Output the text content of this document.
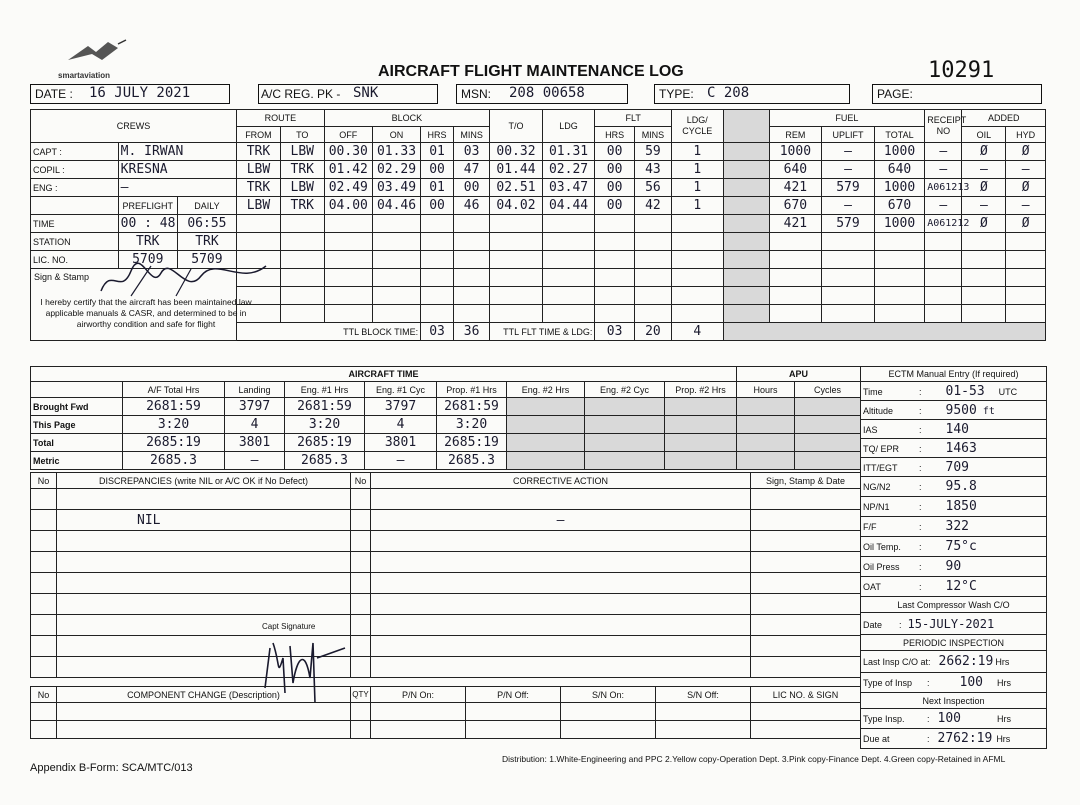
smartaviation	AIRCRAFT FLIGHT MAINTENANCE LOG	10291
DATE : 16 JULY 2021	A/C REG. PK - SNK	MSN: 208 00658	TYPE: C 208	PAGE:
CREWS			ROUTE		BLOCK				T/O	LDG	FLT		LDG/ CYCLE		FUEL			RECEIPT NO	ADDED	
			FROM	TO	OFF	ON	HRS	MINS			HRS	MINS			REM	UPLIFT	TOTAL		OIL	HYD
CAPT :	M. IRWAN		TRK	LBW	00.30	01.33	01	03	00.32	01.31	00	59	1		1000	—	1000	—	Ø	Ø
COPIL :	KRESNA		LBW	TRK	01.42	02.29	00	47	01.44	02.27	00	43	1		640	—	640	—	—	—
ENG :	—		TRK	LBW	02.49	03.49	01	00	02.51	03.47	00	56	1		421	579	1000	A061213	Ø	Ø
	PREFLIGHT	DAILY	LBW	TRK	04.00	04.46	00	46	04.02	04.44	00	42	1		670	—	670	—	—	—
TIME	00 : 48	06:55													421	579	1000	A061212	Ø	Ø
STATION	TRK	TRK																		
LIC. NO.	5709	5709																		

Sign & Stamp
I hereby certify that the aircraft has been maintained law applicable manuals & CASR, and determined to be in airworthy condition and safe for flight																				

			TTL BLOCK TIME:				03	36	TTL FLT TIME & LDG:		03	20	4							
AIRCRAFT TIME									APU	
	A/F Total Hrs	Landing	Eng. #1 Hrs	Eng. #1 Cyc	Prop. #1 Hrs	Eng. #2 Hrs	Eng. #2 Cyc	Prop. #2 Hrs	Hours	Cycles
Brought Fwd	2681:59	3797	2681:59	3797	2681:59					
This Page	3:20	4	3:20	4	3:20					
Total	2685:19	3801	2685:19	3801	2685:19					
Metric	2685.3	—	2685.3	—	2685.3					
No	DISCREPANCIES (write NIL or A/C OK if No Defect)	No	CORRECTIVE ACTION	Sign, Stamp & Date

	NIL		—	

Capt Signature
No	COMPONENT CHANGE (Description)	QTY	P/N On:	P/N Off:	S/N On:	S/N Off:	LIC NO. & SIGN

ECTM Manual Entry (If required)
Time	: 01-53 UTC
Altitude	: 9500 ft
IAS	: 140
TQ/ EPR : 1463
ITT/EGT : 709
NG/N2	: 95.8
NP/N1	: 1850
F/F	: 322
Oil Temp. : 75°c
Oil Press : 90
OAT	: 12°C
Last Compressor Wash C/O
Date : 15-JULY-2021
PERIODIC INSPECTION
Last Insp C/O at: 2662:19 Hrs
Type of Insp : 100 Hrs
Next Inspection
Type Insp. : 100	Hrs
Due at	: 2762:19 Hrs
Appendix B-Form: SCA/MTC/013
Distribution: 1.White-Engineering and PPC 2.Yellow copy-Operation Dept. 3.Pink copy-Finance Dept. 4.Green copy-Retained in AFML
